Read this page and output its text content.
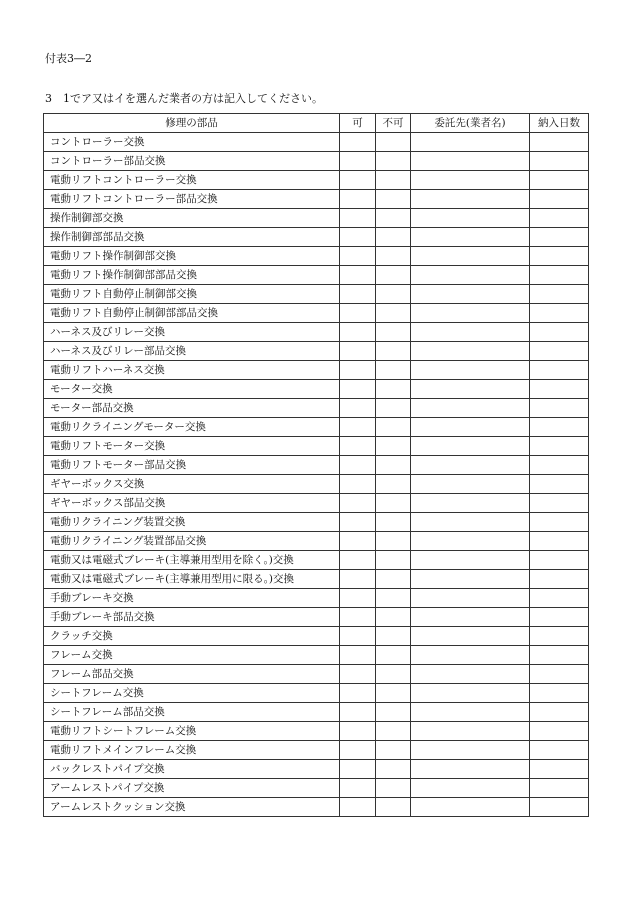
付表3―2
3　1でア又はイを選んだ業者の方は記入してください。
修理の部品	可	不可	委託先(業者名)	納入日数
コントローラー交換				
コントローラー部品交換				
電動リフトコントローラー交換				
電動リフトコントローラー部品交換				
操作制御部交換				
操作制御部部品交換				
電動リフト操作制御部交換				
電動リフト操作制御部部品交換				
電動リフト自動停止制御部交換				
電動リフト自動停止制御部部品交換				
ハーネス及びリレー交換				
ハーネス及びリレー部品交換				
電動リフトハーネス交換				
モーター交換				
モーター部品交換				
電動リクライニングモーター交換				
電動リフトモーター交換				
電動リフトモーター部品交換				
ギヤーボックス交換				
ギヤーボックス部品交換				
電動リクライニング装置交換				
電動リクライニング装置部品交換				
電動又は電磁式ブレーキ(主導兼用型用を除く。)交換				
電動又は電磁式ブレーキ(主導兼用型用に限る。)交換				
手動ブレーキ交換				
手動ブレーキ部品交換				
クラッチ交換				
フレーム交換				
フレーム部品交換				
シートフレーム交換				
シートフレーム部品交換				
電動リフトシートフレーム交換				
電動リフトメインフレーム交換				
バックレストパイプ交換				
アームレストパイプ交換				
アームレストクッション交換				
